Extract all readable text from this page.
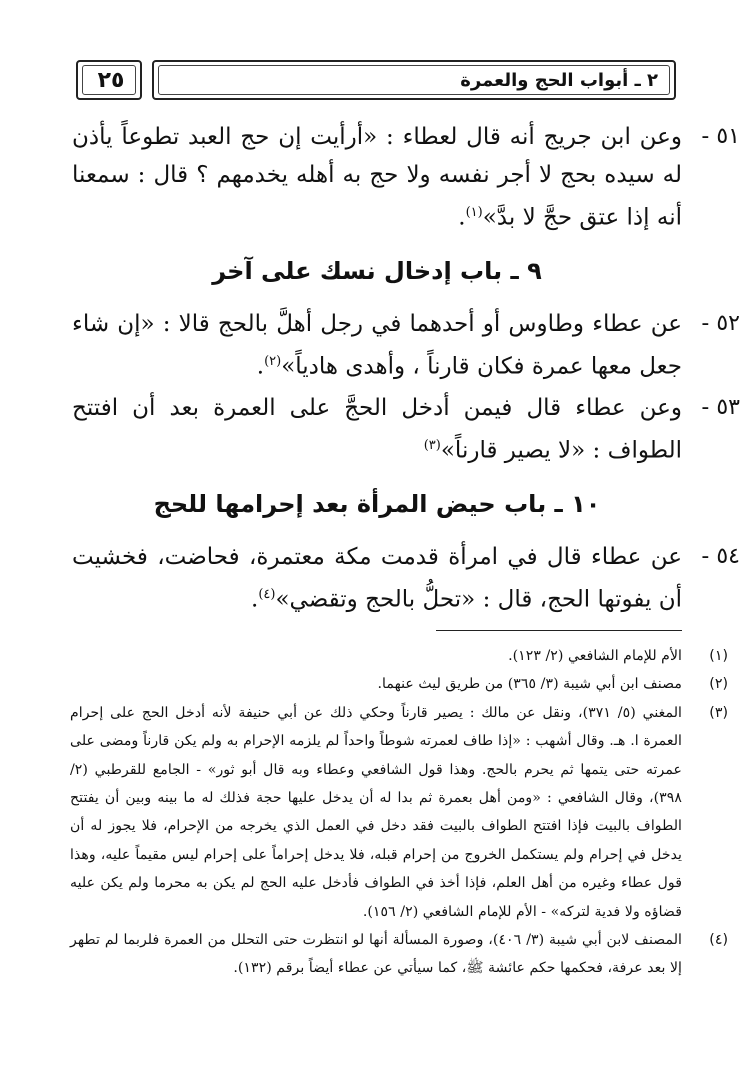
٢ ـ أبواب الحج والعمرة
٢٥
٥١ -
وعن ابن جريج أنه قال لعطاء : «أرأيت إن حج العبد تطوعاً يأذن له سيده بحج لا أجر نفسه ولا حج به أهله يخدمهم ؟ قال : سمعنا أنه إذا عتق حجَّ لا بدَّ»$^{(١)}$.
٩ ـ باب إدخال نسك على آخر
٥٢ -
عن عطاء وطاوس أو أحدهما في رجل أهلَّ بالحج قالا : «إن شاء جعل معها عمرة فكان قارناً ، وأهدى هادياً»$^{(٢)}$.
٥٣ -
وعن عطاء قال فيمن أدخل الحجَّ على العمرة بعد أن افتتح الطواف : «لا يصير قارناً»$^{(٣)}$
١٠ ـ باب حيض المرأة بعد إحرامها للحج
٥٤ -
عن عطاء قال في امرأة قدمت مكة معتمرة، فحاضت، فخشيت أن يفوتها الحج، قال : «تحلُّ بالحج وتقضي»$^{(٤)}$.
(١)
الأم للإمام الشافعي (٢/ ١٢٣).
(٢)
مصنف ابن أبي شيبة (٣/ ٣٦٥) من طريق ليث عنهما.
(٣)
المغني (٥/ ٣٧١)، ونقل عن مالك : يصير قارناً وحكي ذلك عن أبي حنيفة لأنه أدخل الحج على إحرام العمرة ا. هـ. وقال أشهب : «إذا طاف لعمرته شوطاً واحداً لم يلزمه الإحرام به ولم يكن قارناً ومضى على عمرته حتى يتمها ثم يحرم بالحج. وهذا قول الشافعي وعطاء وبه قال أبو ثور» - الجامع للقرطبي (٢/ ٣٩٨)، وقال الشافعي : «ومن أهل بعمرة ثم بدا له أن يدخل عليها حجة فذلك له ما بينه وبين أن يفتتح الطواف بالبيت فإذا افتتح الطواف بالبيت فقد دخل في العمل الذي يخرجه من الإحرام، فلا يجوز له أن يدخل في إحرام ولم يستكمل الخروج من إحرام قبله، فلا يدخل إحراماً على إحرام ليس مقيماً عليه، وهذا قول عطاء وغيره من أهل العلم، فإذا أخذ في الطواف فأدخل عليه الحج لم يكن به محرما ولم يكن عليه قضاؤه ولا فدية لتركه» - الأم للإمام الشافعي (٢/ ١٥٦).
(٤)
المصنف لابن أبي شيبة (٣/ ٤٠٦)، وصورة المسألة أنها لو انتظرت حتى التحلل من العمرة فلربما لم تطهر إلا بعد عرفة، فحكمها حكم عائشة ﷺ، كما سيأتي عن عطاء أيضاً برقم (١٣٢).
